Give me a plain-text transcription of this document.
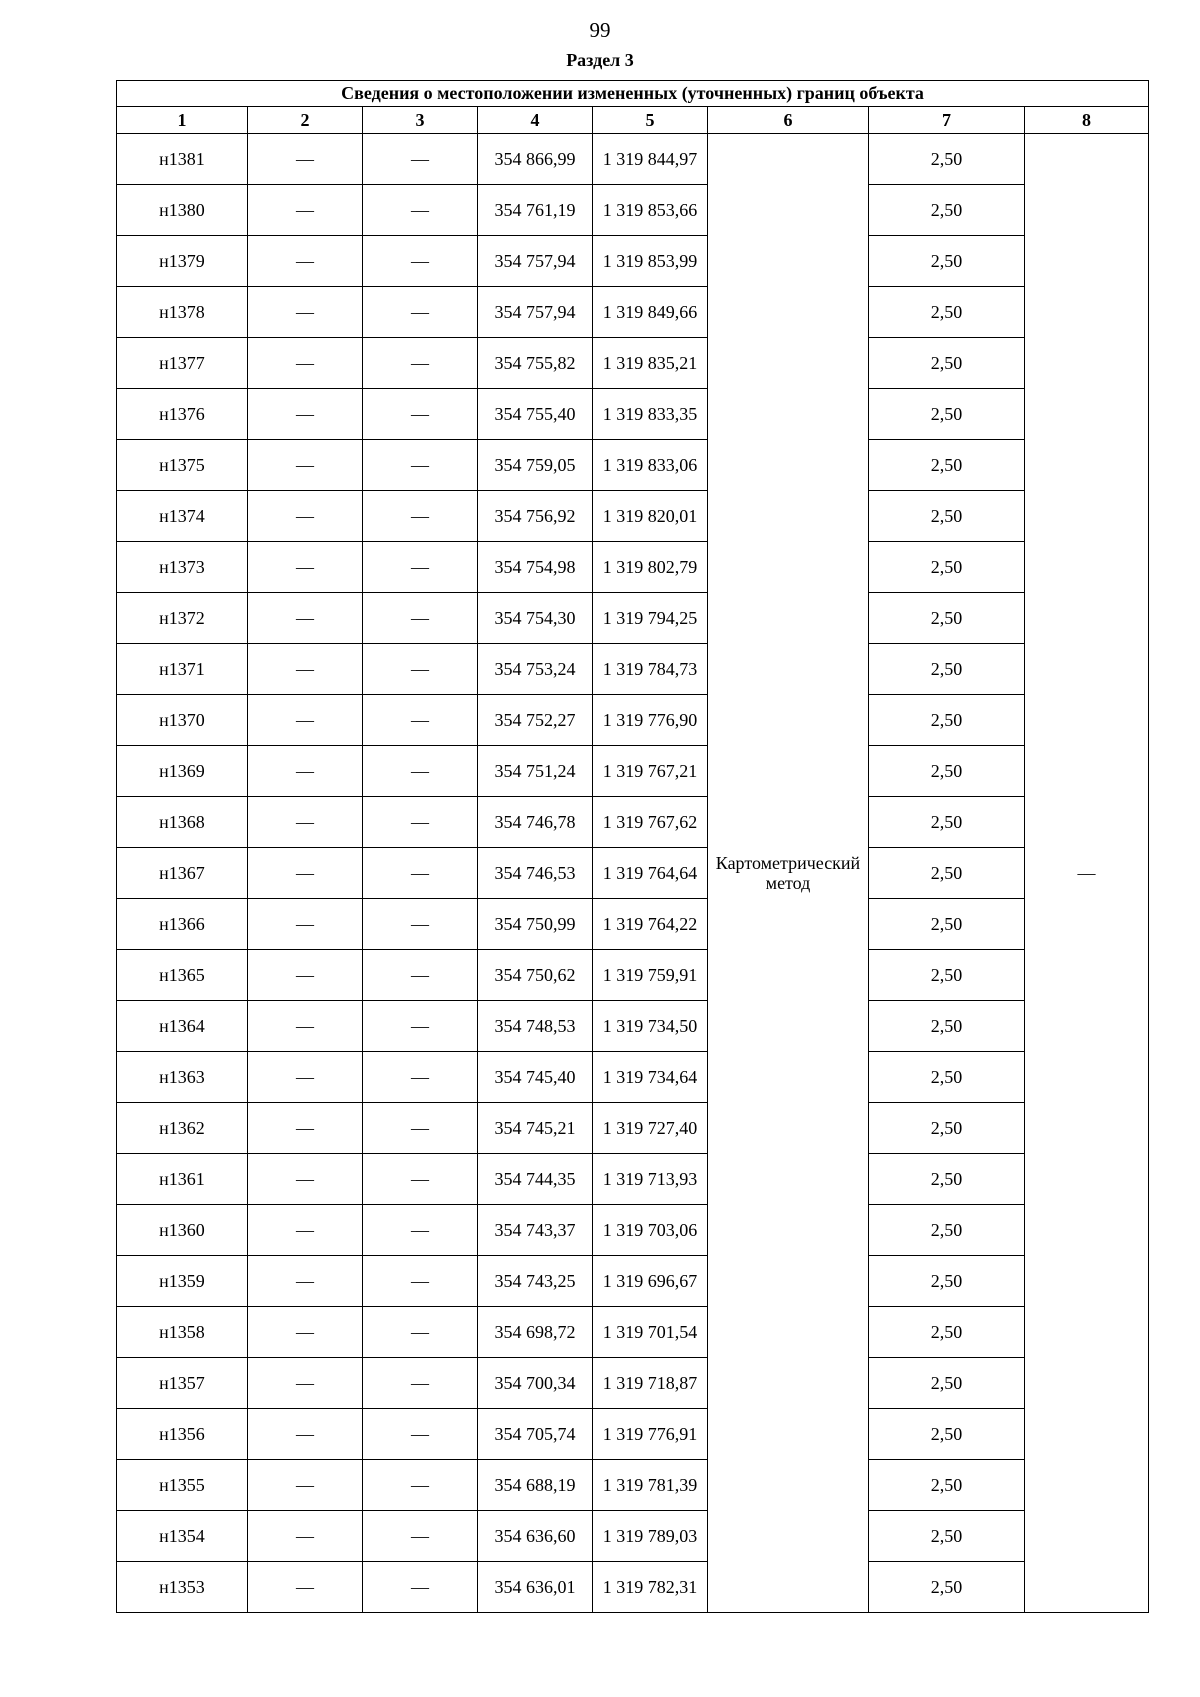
99
Раздел 3
Сведения о местоположении измененных (уточненных) границ объекта							
1	2	3	4	5	6	7	8
н1381	—	—	354 866,99	1 319 844,97	Картометрический метод	2,50	—
н1380	—	—	354 761,19	1 319 853,66		2,50	
н1379	—	—	354 757,94	1 319 853,99		2,50	
н1378	—	—	354 757,94	1 319 849,66		2,50	
н1377	—	—	354 755,82	1 319 835,21		2,50	
н1376	—	—	354 755,40	1 319 833,35		2,50	
н1375	—	—	354 759,05	1 319 833,06		2,50	
н1374	—	—	354 756,92	1 319 820,01		2,50	
н1373	—	—	354 754,98	1 319 802,79		2,50	
н1372	—	—	354 754,30	1 319 794,25		2,50	
н1371	—	—	354 753,24	1 319 784,73		2,50	
н1370	—	—	354 752,27	1 319 776,90		2,50	
н1369	—	—	354 751,24	1 319 767,21		2,50	
н1368	—	—	354 746,78	1 319 767,62		2,50	
н1367	—	—	354 746,53	1 319 764,64		2,50	
н1366	—	—	354 750,99	1 319 764,22		2,50	
н1365	—	—	354 750,62	1 319 759,91		2,50	
н1364	—	—	354 748,53	1 319 734,50		2,50	
н1363	—	—	354 745,40	1 319 734,64		2,50	
н1362	—	—	354 745,21	1 319 727,40		2,50	
н1361	—	—	354 744,35	1 319 713,93		2,50	
н1360	—	—	354 743,37	1 319 703,06		2,50	
н1359	—	—	354 743,25	1 319 696,67		2,50	
н1358	—	—	354 698,72	1 319 701,54		2,50	
н1357	—	—	354 700,34	1 319 718,87		2,50	
н1356	—	—	354 705,74	1 319 776,91		2,50	
н1355	—	—	354 688,19	1 319 781,39		2,50	
н1354	—	—	354 636,60	1 319 789,03		2,50	
н1353	—	—	354 636,01	1 319 782,31		2,50	
